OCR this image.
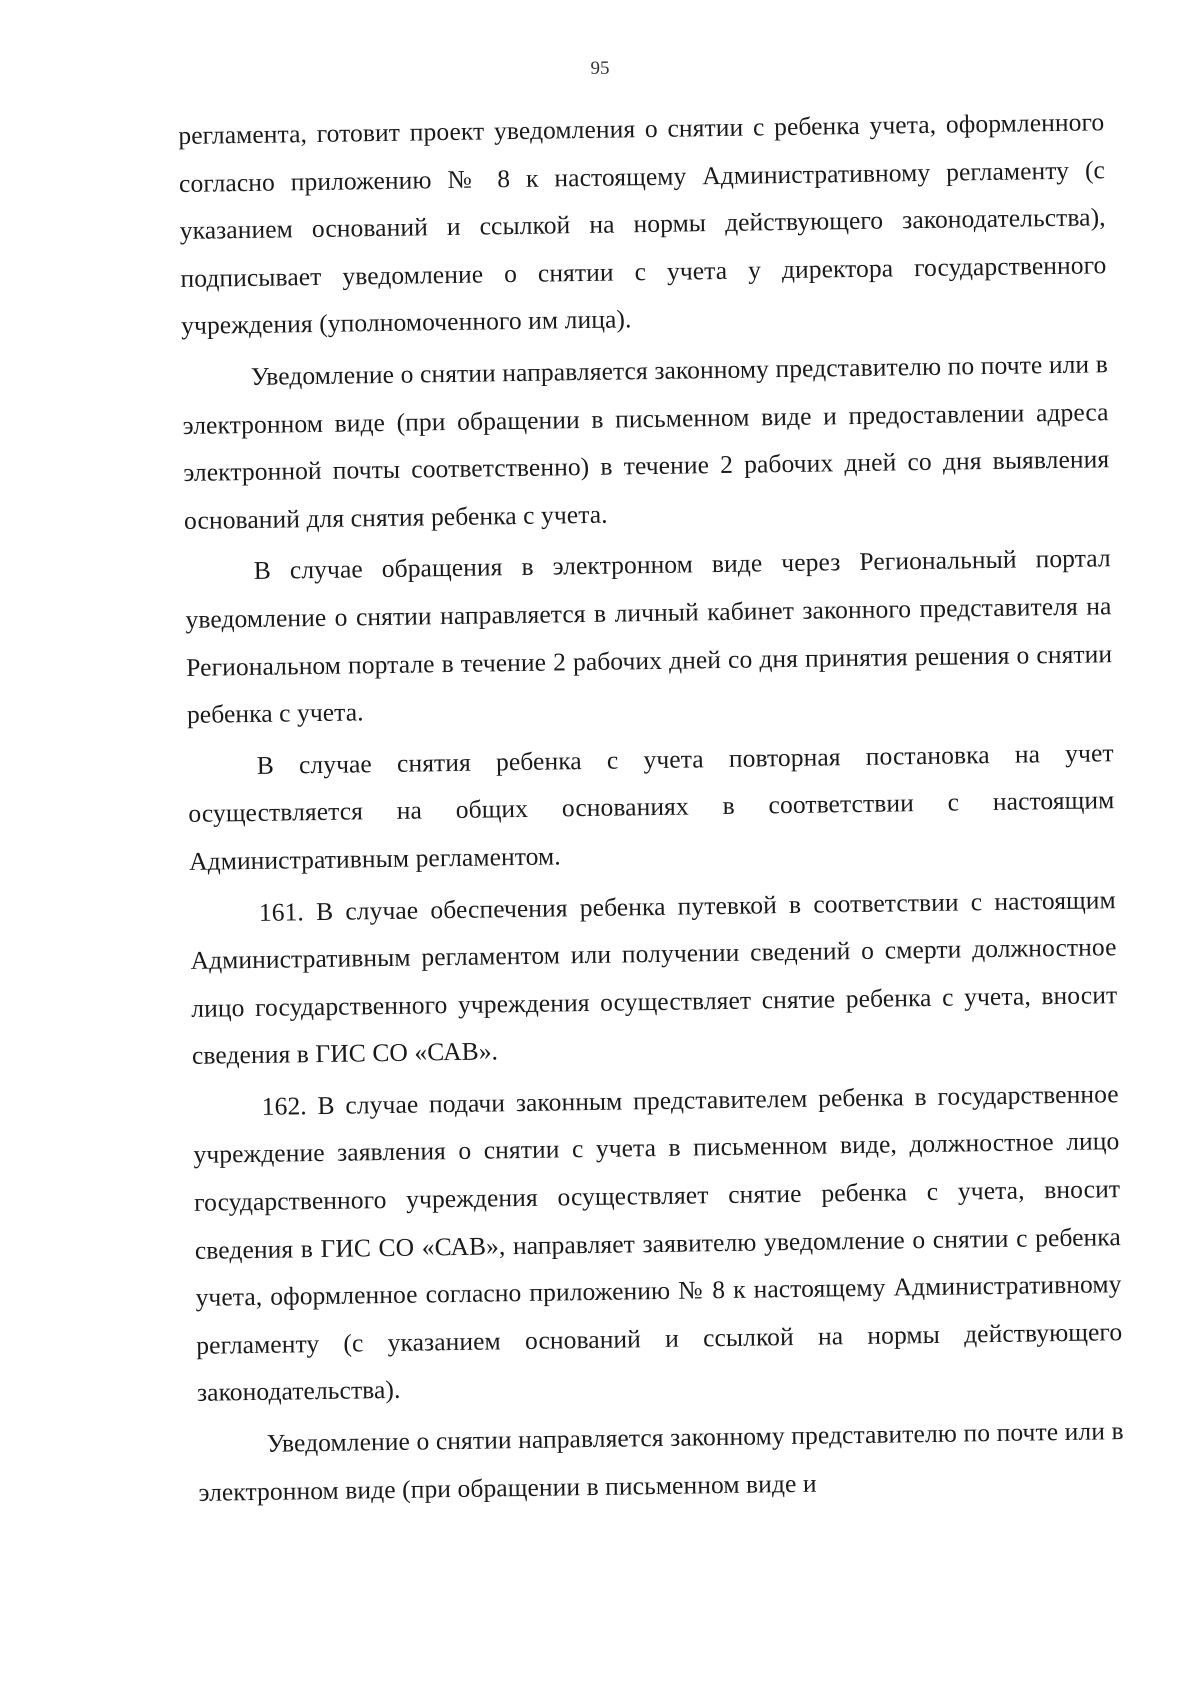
95

регламента, готовит проект уведомления о снятии с ребенка учета, оформленного согласно приложению № 8 к настоящему Административному регламенту (с указанием оснований и ссылкой на нормы действующего законодательства), подписывает уведомление о снятии с учета у директора государственного учреждения (уполномоченного им лица).

Уведомление о снятии направляется законному представителю по почте или в электронном виде (при обращении в письменном виде и предоставлении адреса электронной почты соответственно) в течение 2 рабочих дней со дня выявления оснований для снятия ребенка с учета.

В случае обращения в электронном виде через Региональный портал уведомление о снятии направляется в личный кабинет законного представителя на Региональном портале в течение 2 рабочих дней со дня принятия решения о снятии ребенка с учета.

В случае снятия ребенка с учета повторная постановка на учет осуществляется на общих основаниях в соответствии с настоящим Административным регламентом.

161. В случае обеспечения ребенка путевкой в соответствии с настоящим Административным регламентом или получении сведений о смерти должностное лицо государственного учреждения осуществляет снятие ребенка с учета, вносит сведения в ГИС СО «САВ».

162. В случае подачи законным представителем ребенка в государственное учреждение заявления о снятии с учета в письменном виде, должностное лицо государственного учреждения осуществляет снятие ребенка с учета, вносит сведения в ГИС СО «САВ», направляет заявителю уведомление о снятии с ребенка учета, оформленное согласно приложению № 8 к настоящему Административному регламенту (с указанием оснований и ссылкой на нормы действующего законодательства).

Уведомление о снятии направляется законному представителю по почте или в электронном виде (при обращении в письменном виде и
